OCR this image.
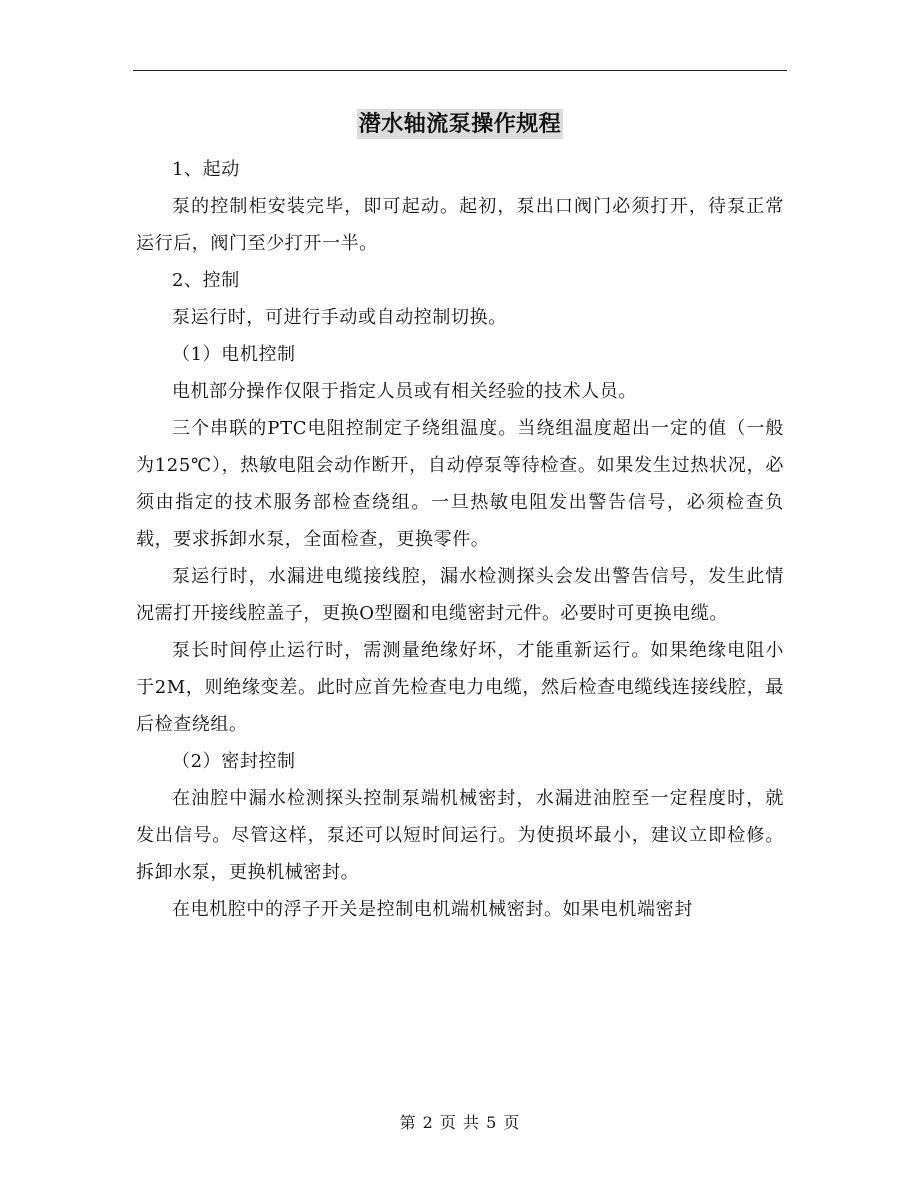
潜水轴流泵操作规程

1、起动

泵的控制柜安装完毕，即可起动。起初，泵出口阀门必须打开，待泵正常运行后，阀门至少打开一半。

2、控制

泵运行时，可进行手动或自动控制切换。

（1）电机控制

电机部分操作仅限于指定人员或有相关经验的技术人员。

三个串联的PTC电阻控制定子绕组温度。当绕组温度超出一定的值（一般为125℃），热敏电阻会动作断开，自动停泵等待检查。如果发生过热状况，必须由指定的技术服务部检查绕组。一旦热敏电阻发出警告信号，必须检查负载，要求拆卸水泵，全面检查，更换零件。

泵运行时，水漏进电缆接线腔，漏水检测探头会发出警告信号，发生此情况需打开接线腔盖子，更换O型圈和电缆密封元件。必要时可更换电缆。

泵长时间停止运行时，需测量绝缘好坏，才能重新运行。如果绝缘电阻小于2M，则绝缘变差。此时应首先检查电力电缆，然后检查电缆线连接线腔，最后检查绕组。

（2）密封控制

在油腔中漏水检测探头控制泵端机械密封，水漏进油腔至一定程度时，就发出信号。尽管这样，泵还可以短时间运行。为使损坏最小，建议立即检修。拆卸水泵，更换机械密封。

在电机腔中的浮子开关是控制电机端机械密封。如果电机端密封

第 2 页 共 5 页
